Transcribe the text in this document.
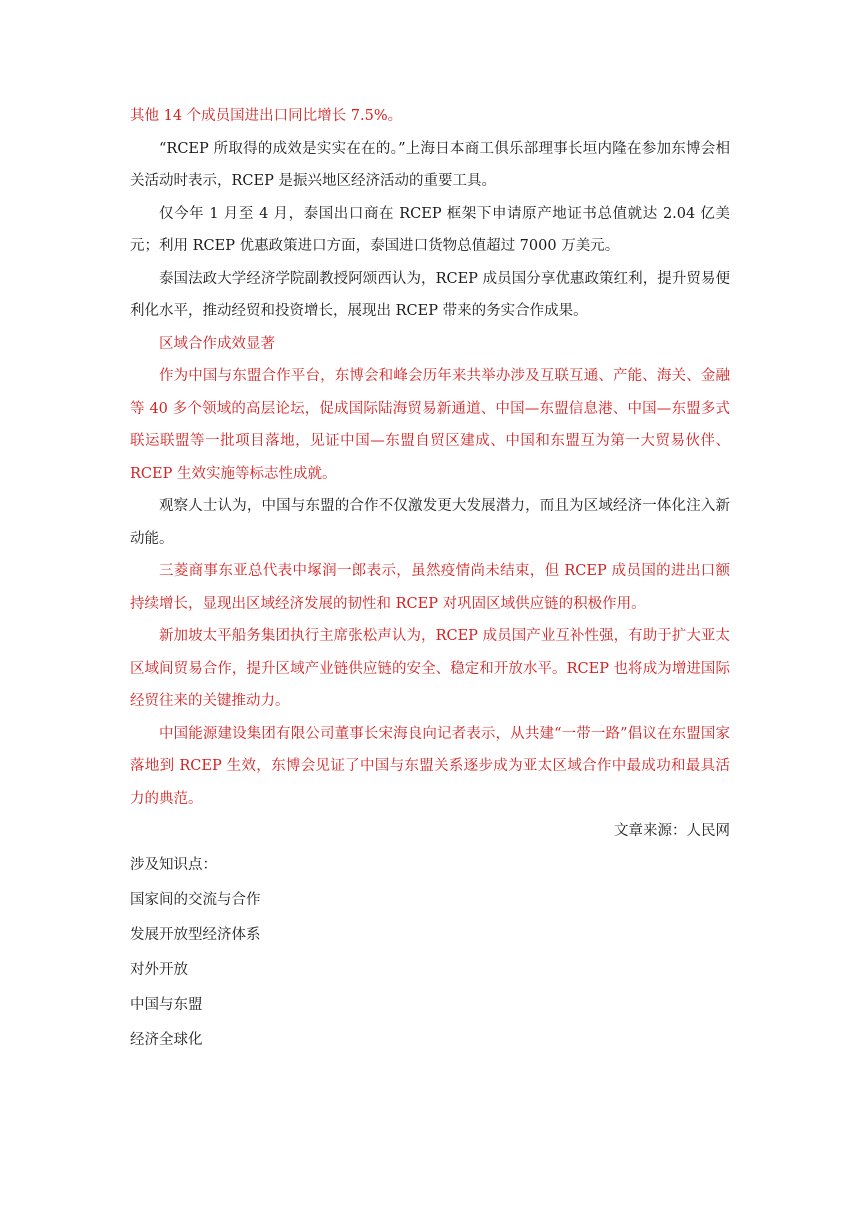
其他 14 个成员国进出口同比增长 7.5%。

“RCEP 所取得的成效是实实在在的。”上海日本商工俱乐部理事长垣内隆在参加东博会相关活动时表示，RCEP 是振兴地区经济活动的重要工具。

仅今年 1 月至 4 月，泰国出口商在 RCEP 框架下申请原产地证书总值就达 2.04 亿美元；利用 RCEP 优惠政策进口方面，泰国进口货物总值超过 7000 万美元。

泰国法政大学经济学院副教授阿颂西认为，RCEP 成员国分享优惠政策红利，提升贸易便利化水平，推动经贸和投资增长，展现出 RCEP 带来的务实合作成果。

区域合作成效显著

作为中国与东盟合作平台，东博会和峰会历年来共举办涉及互联互通、产能、海关、金融等 40 多个领域的高层论坛，促成国际陆海贸易新通道、中国—东盟信息港、中国—东盟多式联运联盟等一批项目落地，见证中国—东盟自贸区建成、中国和东盟互为第一大贸易伙伴、RCEP 生效实施等标志性成就。

观察人士认为，中国与东盟的合作不仅激发更大发展潜力，而且为区域经济一体化注入新动能。

三菱商事东亚总代表中塚润一郎表示，虽然疫情尚未结束，但 RCEP 成员国的进出口额持续增长，显现出区域经济发展的韧性和 RCEP 对巩固区域供应链的积极作用。

新加坡太平船务集团执行主席张松声认为，RCEP 成员国产业互补性强，有助于扩大亚太区域间贸易合作，提升区域产业链供应链的安全、稳定和开放水平。RCEP 也将成为增进国际经贸往来的关键推动力。

中国能源建设集团有限公司董事长宋海良向记者表示，从共建“一带一路”倡议在东盟国家落地到 RCEP 生效，东博会见证了中国与东盟关系逐步成为亚太区域合作中最成功和最具活力的典范。

文章来源：人民网

涉及知识点：

国家间的交流与合作

发展开放型经济体系

对外开放

中国与东盟

经济全球化
